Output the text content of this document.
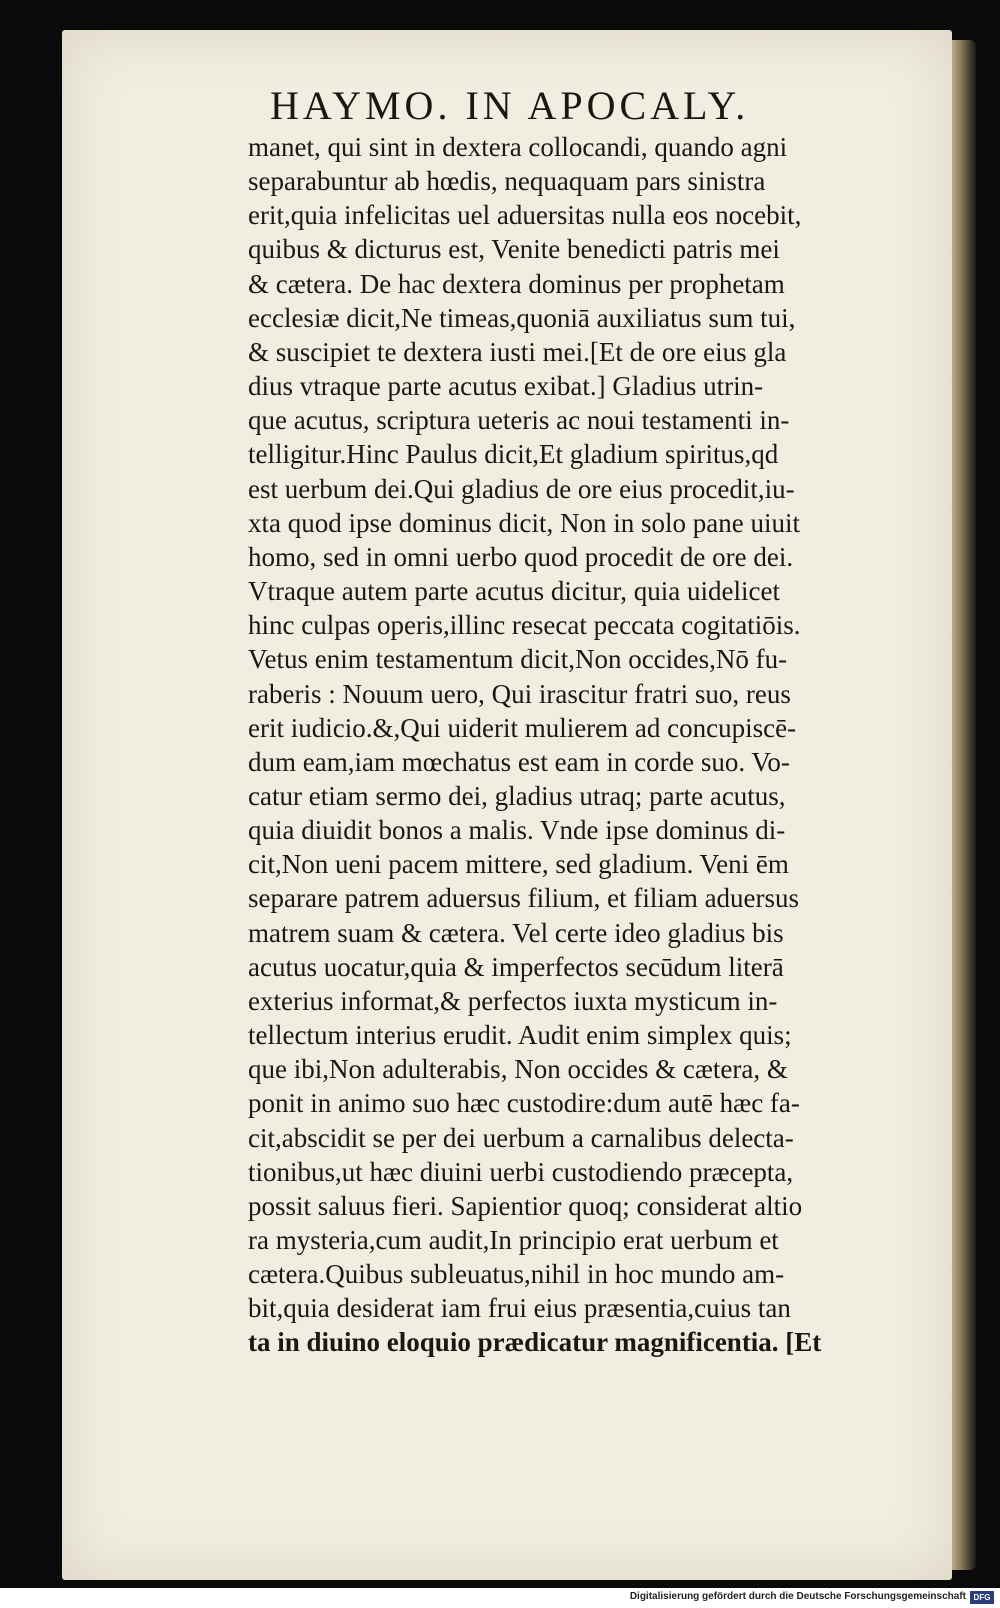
HAYMO. IN APOCALY.
manet, qui sint in dextera collocandi, quando agni
separabuntur ab hœdis, nequaquam pars sinistra
erit,quia infelicitas uel aduersitas nulla eos nocebit,
quibus & dicturus est, Venite benedicti patris mei
& cætera. De hac dextera dominus per prophetam
ecclesiæ dicit,Ne timeas,quoniā auxiliatus sum tui,
& suscipiet te dextera iusti mei.[Et de ore eius gla
dius vtraque parte acutus exibat.] Gladius utrin-
que acutus, scriptura ueteris ac noui testamenti in-
telligitur.Hinc Paulus dicit,Et gladium spiritus,qd
est uerbum dei.Qui gladius de ore eius procedit,iu-
xta quod ipse dominus dicit, Non in solo pane uiuit
homo, sed in omni uerbo quod procedit de ore dei.
Vtraque autem parte acutus dicitur, quia uidelicet
hinc culpas operis,illinc resecat peccata cogitatiōis.
Vetus enim testamentum dicit,Non occides,Nō fu-
raberis : Nouum uero, Qui irascitur fratri suo, reus
erit iudicio.&,Qui uiderit mulierem ad concupiscē-
dum eam,iam mœchatus est eam in corde suo. Vo-
catur etiam sermo dei, gladius utraq; parte acutus,
quia diuidit bonos a malis. Vnde ipse dominus di-
cit,Non ueni pacem mittere, sed gladium. Veni ēm
separare patrem aduersus filium, et filiam aduersus
matrem suam & cætera. Vel certe ideo gladius bis
acutus uocatur,quia & imperfectos secūdum literā
exterius informat,& perfectos iuxta mysticum in-
tellectum interius erudit. Audit enim simplex quis;
que ibi,Non adulterabis, Non occides & cætera, &
ponit in animo suo hæc custodire:dum autē hæc fa-
cit,abscidit se per dei uerbum a carnalibus delecta-
tionibus,ut hæc diuini uerbi custodiendo præcepta,
possit saluus fieri. Sapientior quoq; considerat altio
ra mysteria,cum audit,In principio erat uerbum et
cætera.Quibus subleuatus,nihil in hoc mundo am-
bit,quia desiderat iam frui eius præsentia,cuius tan
ta in diuino eloquio prædicatur magnificentia. [Et
Digitalisierung gefördert durch die Deutsche Forschungsgemeinschaft DFG
